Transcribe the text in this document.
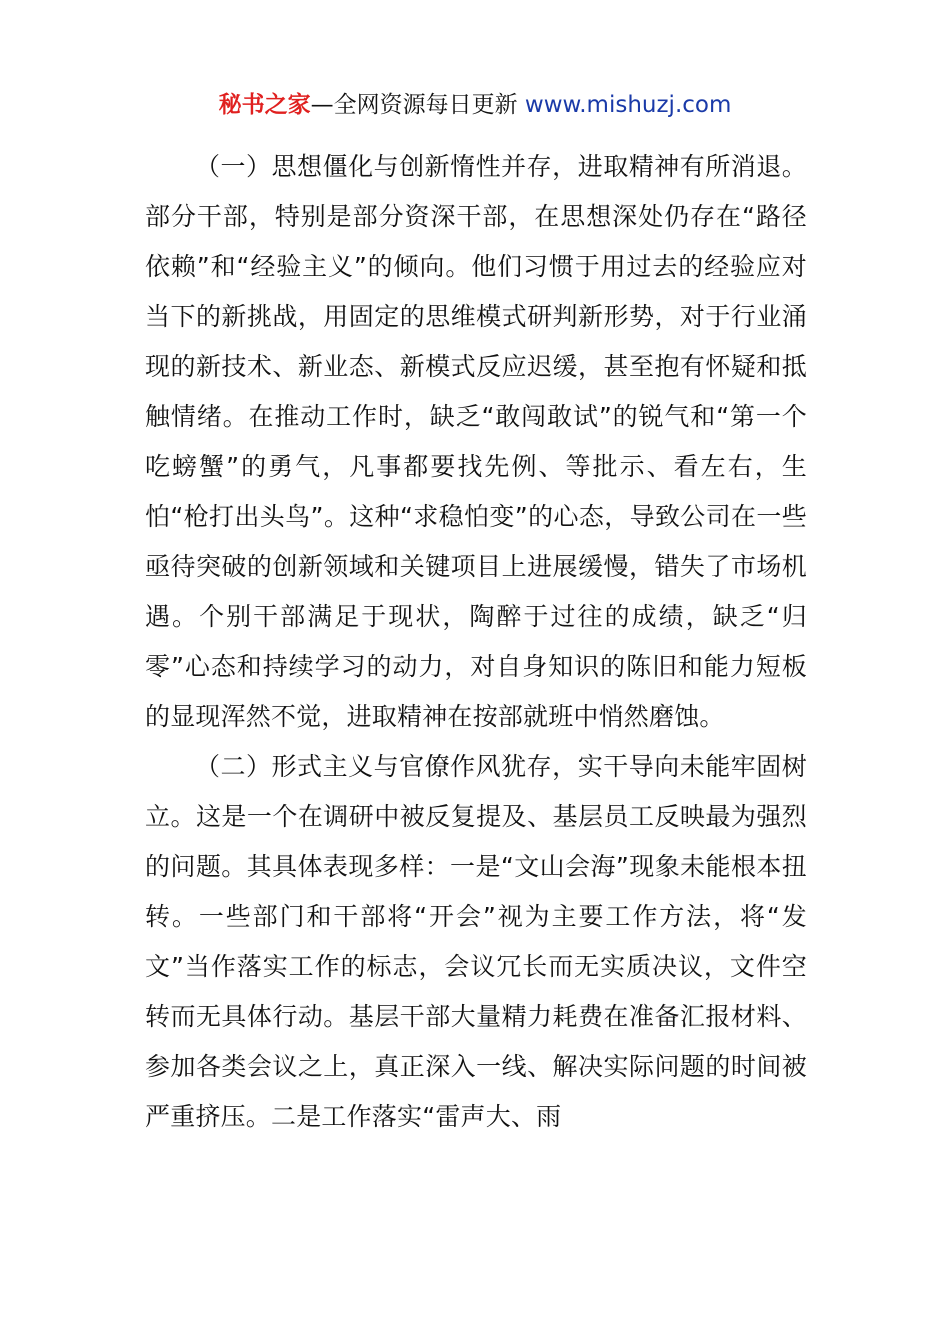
秘书之家—全网资源每日更新 www.mishuzj.com

（一）思想僵化与创新惰性并存，进取精神有所消退。部分干部，特别是部分资深干部，在思想深处仍存在“路径依赖”和“经验主义”的倾向。他们习惯于用过去的经验应对当下的新挑战，用固定的思维模式研判新形势，对于行业涌现的新技术、新业态、新模式反应迟缓，甚至抱有怀疑和抵触情绪。在推动工作时，缺乏“敢闯敢试”的锐气和“第一个吃螃蟹”的勇气，凡事都要找先例、等批示、看左右，生怕“枪打出头鸟”。这种“求稳怕变”的心态，导致公司在一些亟待突破的创新领域和关键项目上进展缓慢，错失了市场机遇。个别干部满足于现状，陶醉于过往的成绩，缺乏“归零”心态和持续学习的动力，对自身知识的陈旧和能力短板的显现浑然不觉，进取精神在按部就班中悄然磨蚀。

（二）形式主义与官僚作风犹存，实干导向未能牢固树立。这是一个在调研中被反复提及、基层员工反映最为强烈的问题。其具体表现多样：一是“文山会海”现象未能根本扭转。一些部门和干部将“开会”视为主要工作方法，将“发文”当作落实工作的标志，会议冗长而无实质决议，文件空转而无具体行动。基层干部大量精力耗费在准备汇报材料、参加各类会议之上，真正深入一线、解决实际问题的时间被严重挤压。二是工作落实“雷声大、雨
